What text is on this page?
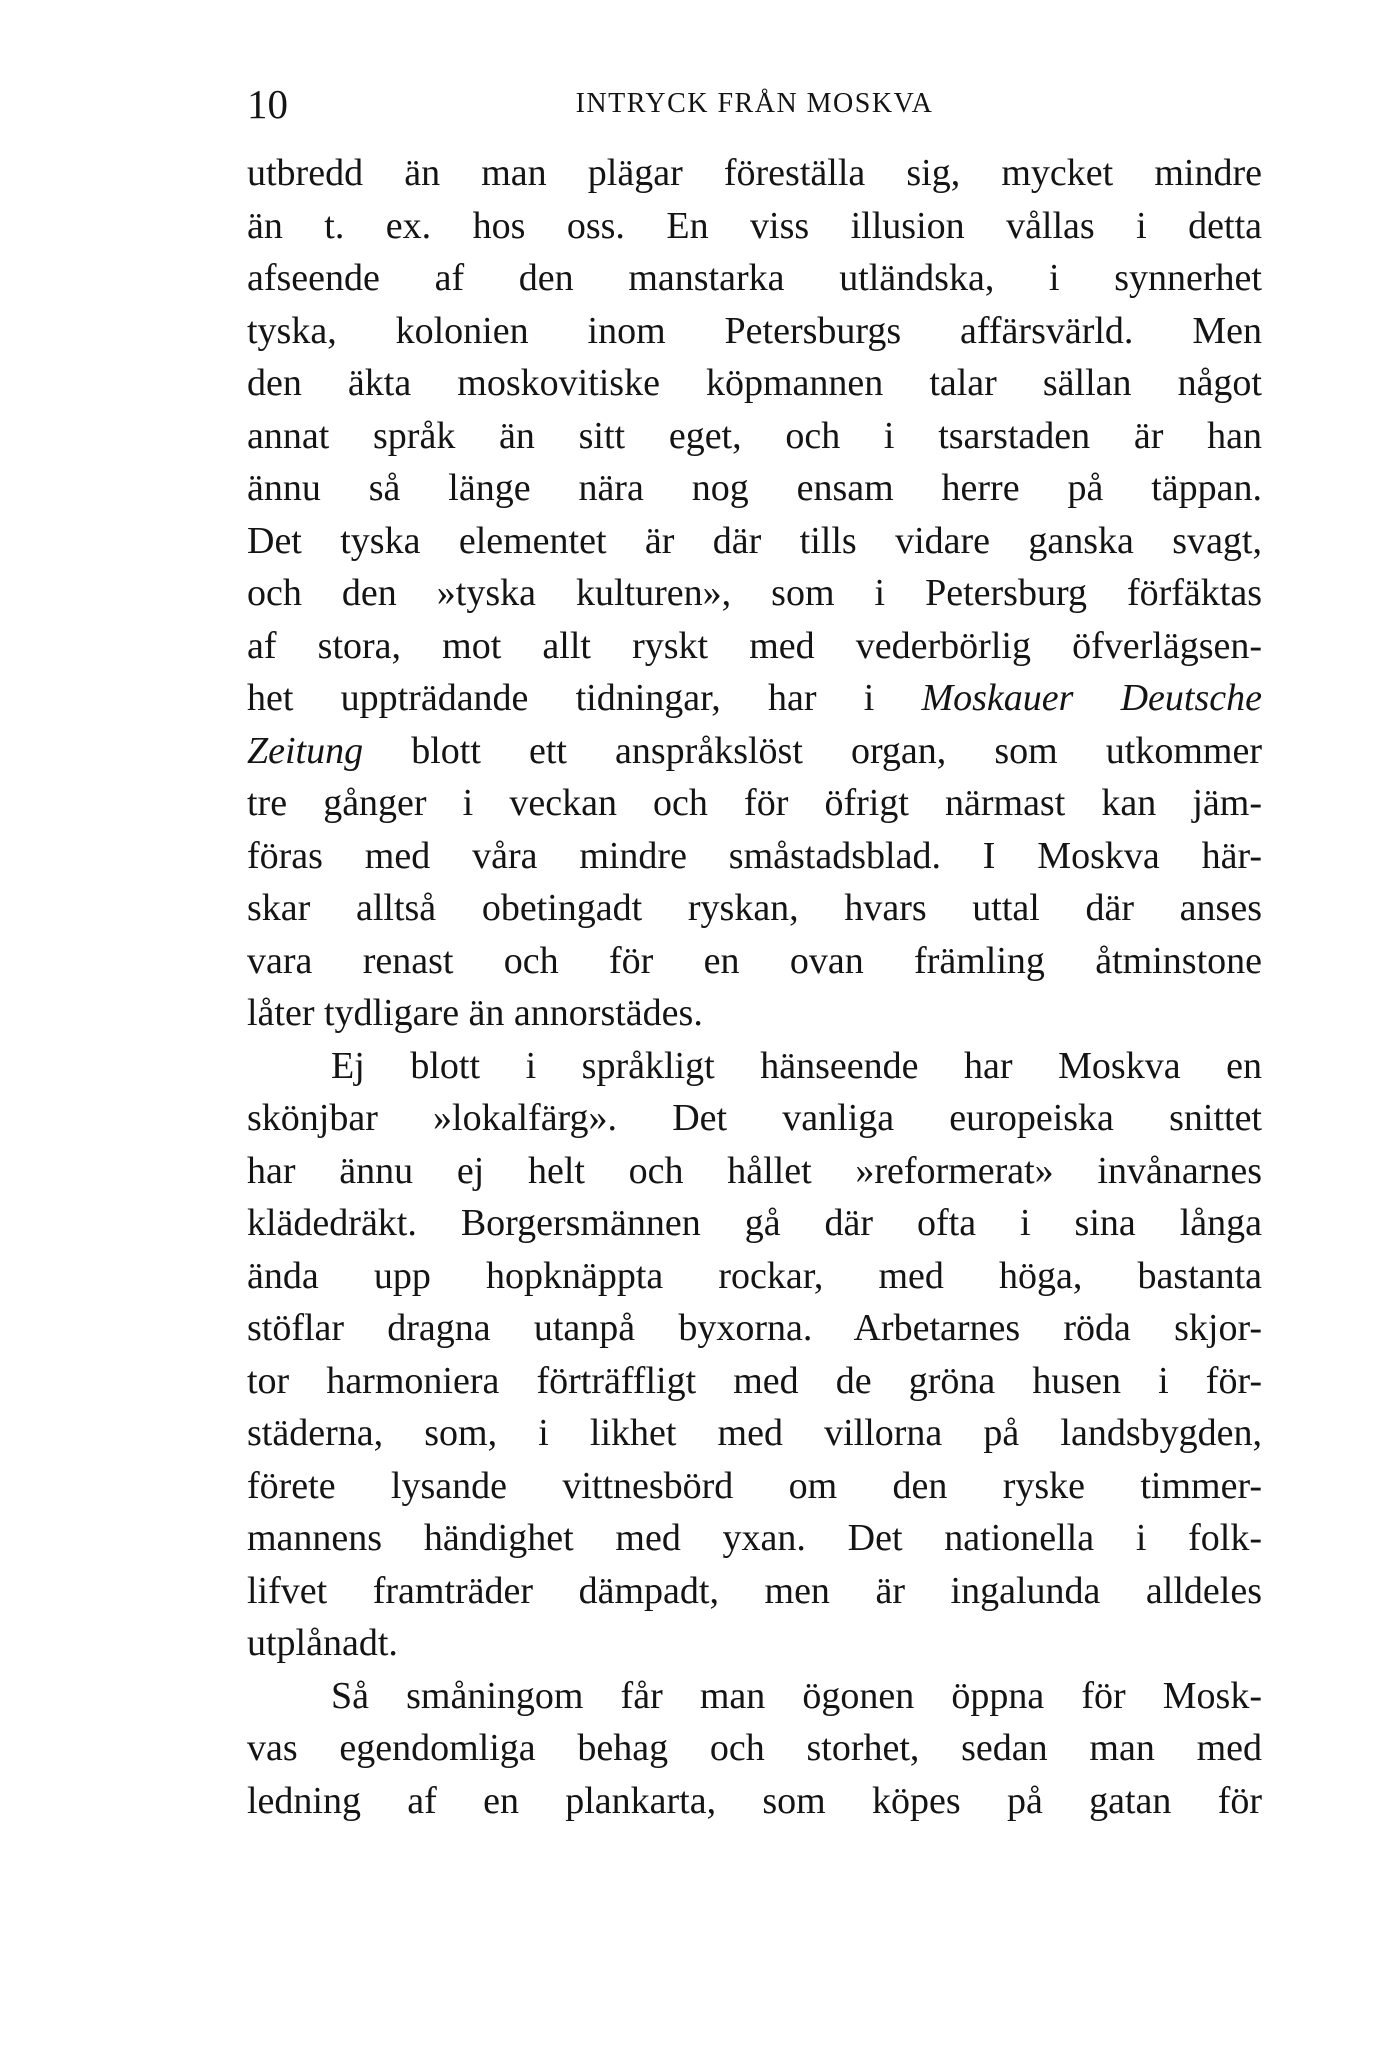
10	INTRYCK FRÅN MOSKVA
utbredd än man plägar föreställa sig, mycket mindre
än t. ex. hos oss. En viss illusion vållas i detta
afseende af den manstarka utländska, i synnerhet
tyska, kolonien inom Petersburgs affärsvärld. Men
den äkta moskovitiske köpmannen talar sällan något
annat språk än sitt eget, och i tsarstaden är han
ännu så länge nära nog ensam herre på täppan.
Det tyska elementet är där tills vidare ganska svagt,
och den »tyska kulturen», som i Petersburg förfäktas
af stora, mot allt ryskt med vederbörlig öfverlägsen-
het uppträdande tidningar, har i Moskauer Deutsche
Zeitung blott ett anspråkslöst organ, som utkommer
tre gånger i veckan och för öfrigt närmast kan jäm-
föras med våra mindre småstadsblad. I Moskva här-
skar alltså obetingadt ryskan, hvars uttal där anses
vara renast och för en ovan främling åtminstone
låter tydligare än annorstädes.
Ej blott i språkligt hänseende har Moskva en
skönjbar »lokalfärg». Det vanliga europeiska snittet
har ännu ej helt och hållet »reformerat» invånarnes
klädedräkt. Borgersmännen gå där ofta i sina långa
ända upp hopknäppta rockar, med höga, bastanta
stöflar dragna utanpå byxorna. Arbetarnes röda skjor-
tor harmoniera förträffligt med de gröna husen i för-
städerna, som, i likhet med villorna på landsbygden,
förete lysande vittnesbörd om den ryske timmer-
mannens händighet med yxan. Det nationella i folk-
lifvet framträder dämpadt, men är ingalunda alldeles
utplånadt.
Så småningom får man ögonen öppna för Mosk-
vas egendomliga behag och storhet, sedan man med
ledning af en plankarta, som köpes på gatan för
